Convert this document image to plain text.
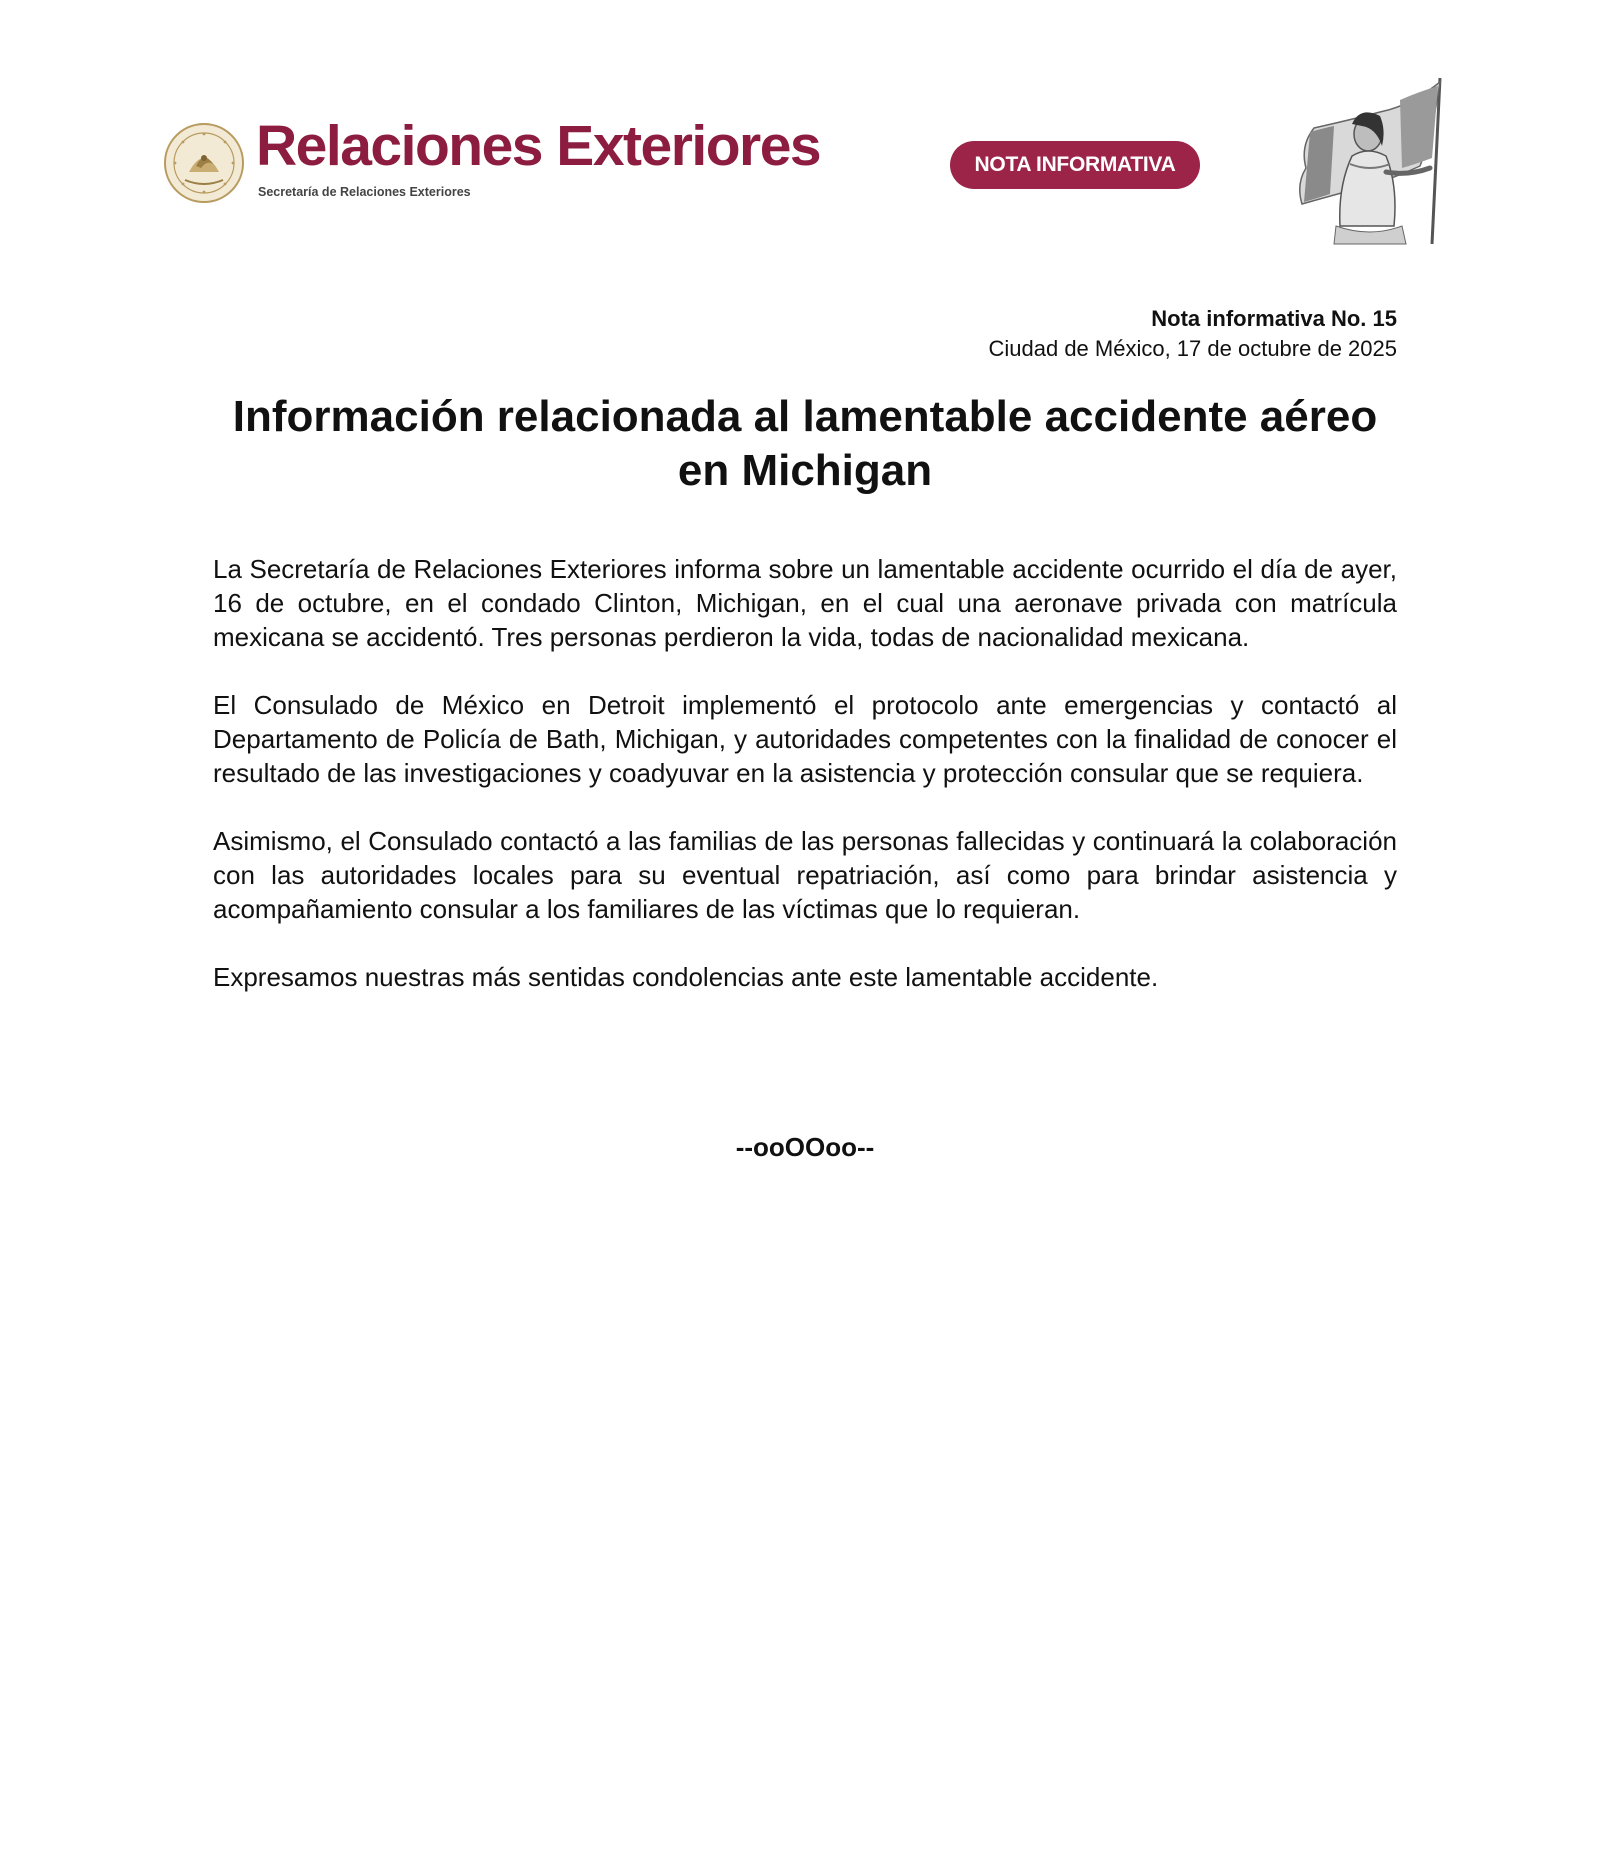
Relaciones Exteriores
Secretaría de Relaciones Exteriores
NOTA INFORMATIVA
Nota informativa No. 15
Ciudad de México, 17 de octubre de 2025
Información relacionada al lamentable accidente aéreo en Michigan

La Secretaría de Relaciones Exteriores informa sobre un lamentable accidente ocurrido el día de ayer, 16 de octubre, en el condado Clinton, Michigan, en el cual una aeronave privada con matrícula mexicana se accidentó. Tres personas perdieron la vida, todas de nacionalidad mexicana.

El Consulado de México en Detroit implementó el protocolo ante emergencias y contactó al Departamento de Policía de Bath, Michigan, y autoridades competentes con la finalidad de conocer el resultado de las investigaciones y coadyuvar en la asistencia y protección consular que se requiera.

Asimismo, el Consulado contactó a las familias de las personas fallecidas y continuará la colaboración con las autoridades locales para su eventual repatriación, así como para brindar asistencia y acompañamiento consular a los familiares de las víctimas que lo requieran.

Expresamos nuestras más sentidas condolencias ante este lamentable accidente.

--ooOOoo--
